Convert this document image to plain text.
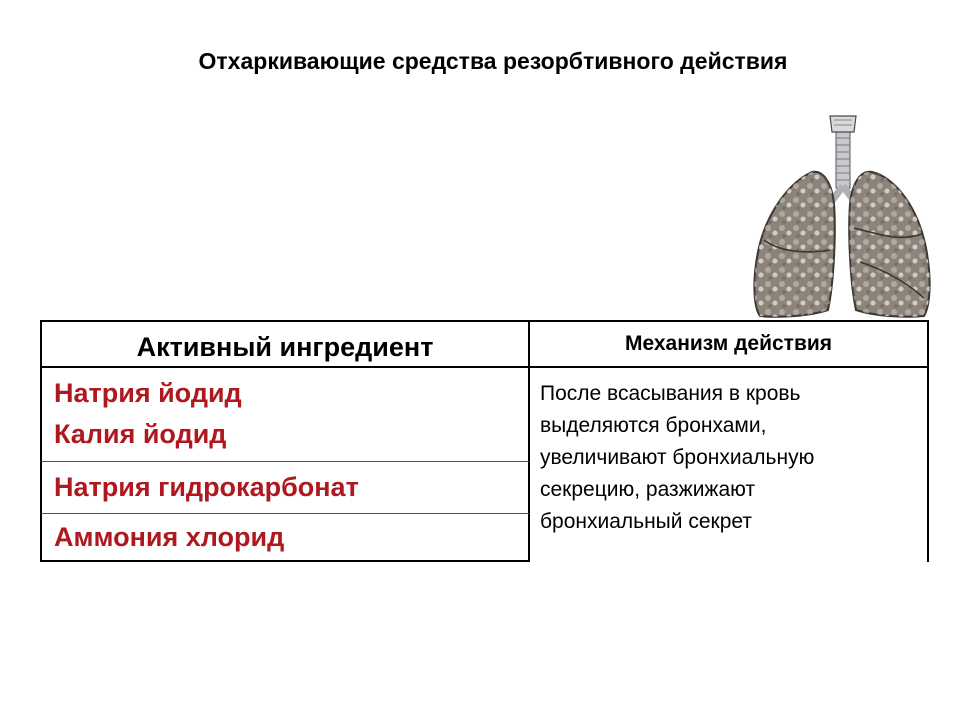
Отхаркивающие средства резорбтивного действия
Активный ингредиент
Натрия йодид
Калия йодид
Натрия гидрокарбонат
Аммония хлорид
Механизм действия
После всасывания в кровь
выделяются бронхами,
увеличивают бронхиальную
секрецию, разжижают
бронхиальный секрет
